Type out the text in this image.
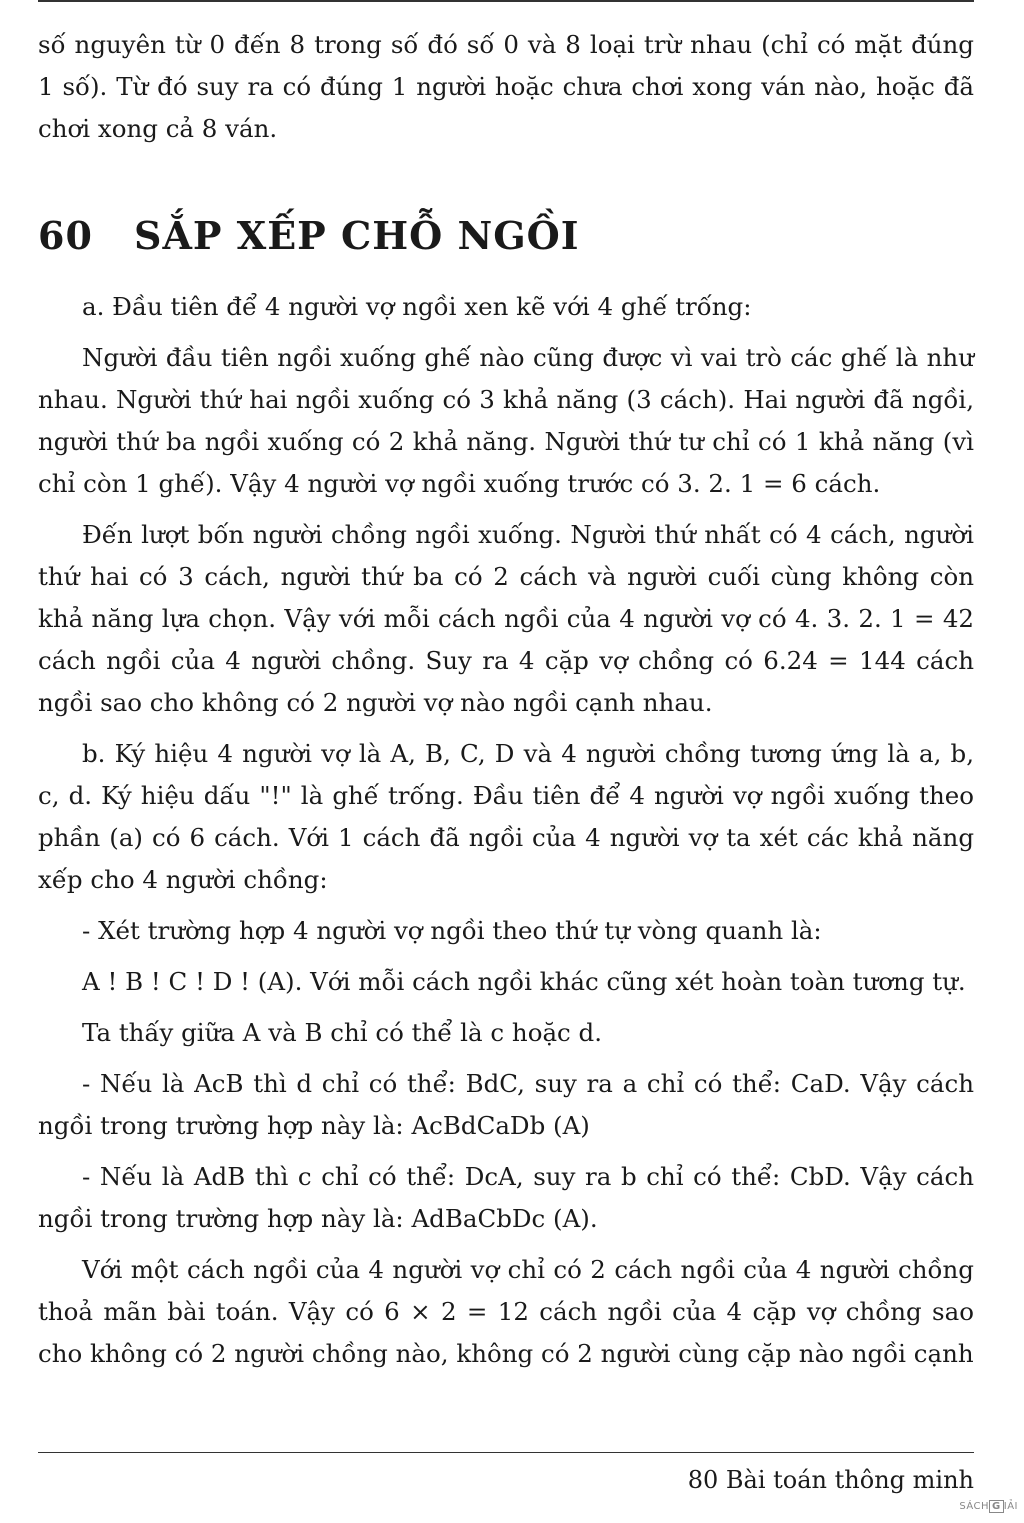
số nguyên từ 0 đến 8 trong số đó số 0 và 8 loại trừ nhau (chỉ có mặt đúng 1 số). Từ đó suy ra có đúng 1 người hoặc chưa chơi xong ván nào, hoặc đã chơi xong cả 8 ván.

60 SẮP XẾP CHỖ NGỒI

a. Đầu tiên để 4 người vợ ngồi xen kẽ với 4 ghế trống:

Người đầu tiên ngồi xuống ghế nào cũng được vì vai trò các ghế là như nhau. Người thứ hai ngồi xuống có 3 khả năng (3 cách). Hai người đã ngồi, người thứ ba ngồi xuống có 2 khả năng. Người thứ tư chỉ có 1 khả năng (vì chỉ còn 1 ghế). Vậy 4 người vợ ngồi xuống trước có 3. 2. 1 = 6 cách.

Đến lượt bốn người chồng ngồi xuống. Người thứ nhất có 4 cách, người thứ hai có 3 cách, người thứ ba có 2 cách và người cuối cùng không còn khả năng lựa chọn. Vậy với mỗi cách ngồi của 4 người vợ có 4. 3. 2. 1 = 42 cách ngồi của 4 người chồng. Suy ra 4 cặp vợ chồng có 6.24 = 144 cách ngồi sao cho không có 2 người vợ nào ngồi cạnh nhau.

b. Ký hiệu 4 người vợ là A, B, C, D và 4 người chồng tương ứng là a, b, c, d. Ký hiệu dấu "!" là ghế trống. Đầu tiên để 4 người vợ ngồi xuống theo phần (a) có 6 cách. Với 1 cách đã ngồi của 4 người vợ ta xét các khả năng xếp cho 4 người chồng:

- Xét trường hợp 4 người vợ ngồi theo thứ tự vòng quanh là:

A ! B ! C ! D ! (A). Với mỗi cách ngồi khác cũng xét hoàn toàn tương tự.

Ta thấy giữa A và B chỉ có thể là c hoặc d.

- Nếu là AcB thì d chỉ có thể: BdC, suy ra a chỉ có thể: CaD. Vậy cách ngồi trong trường hợp này là: AcBdCaDb (A)

- Nếu là AdB thì c chỉ có thể: DcA, suy ra b chỉ có thể: CbD. Vậy cách ngồi trong trường hợp này là: AdBaCbDc (A).

Với một cách ngồi của 4 người vợ chỉ có 2 cách ngồi của 4 người chồng thoả mãn bài toán. Vậy có 6 × 2 = 12 cách ngồi của 4 cặp vợ chồng sao cho không có 2 người chồng nào, không có 2 người cùng cặp nào ngồi cạnh

80 Bài toán thông minh
SÁCH G IẢI
